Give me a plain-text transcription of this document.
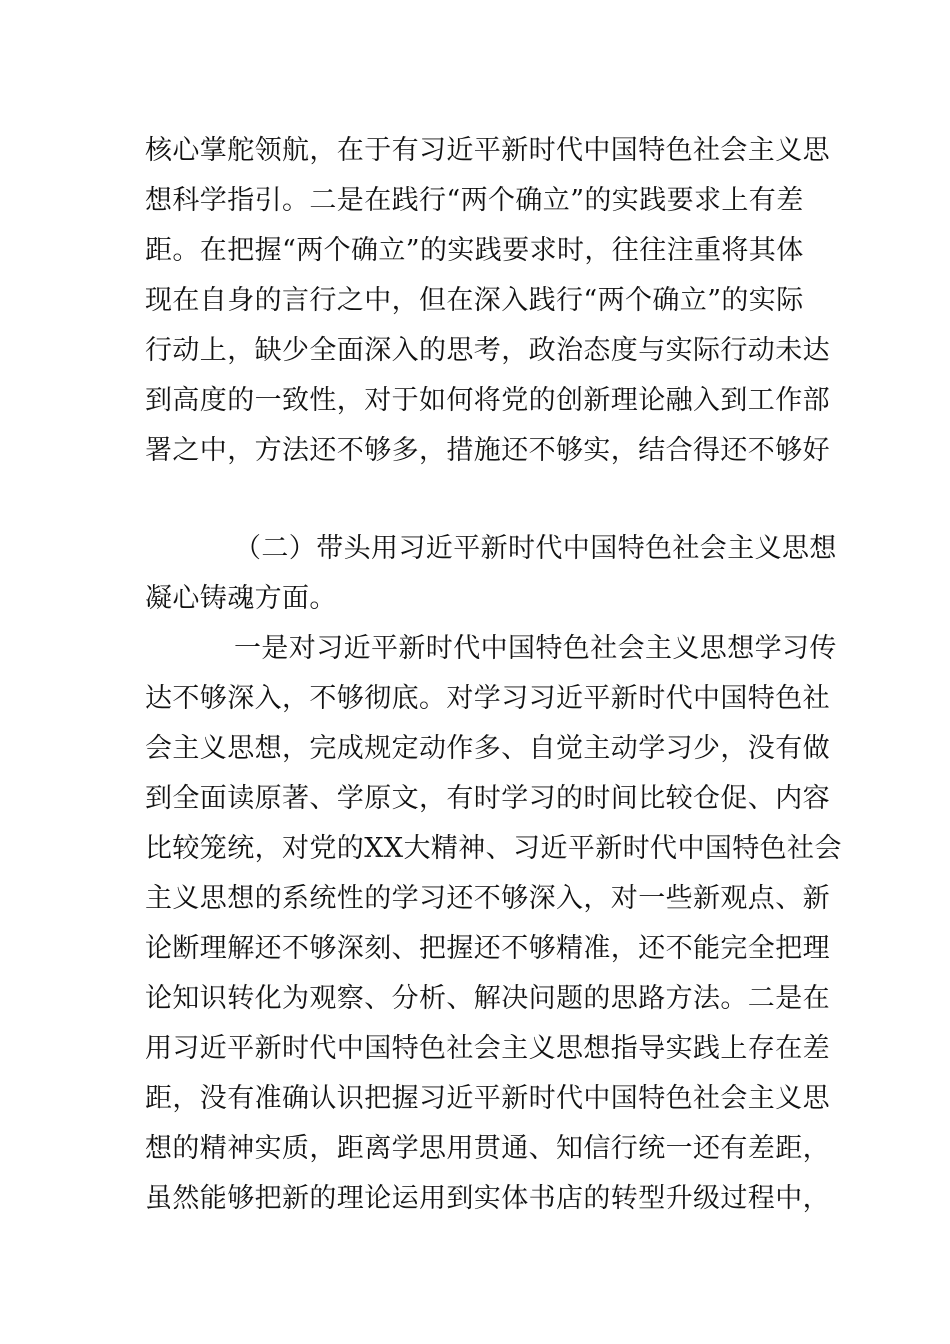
核心掌舵领航，在于有习近平新时代中国特色社会主义思
想科学指引。二是在践行“两个确立”的实践要求上有差
距。在把握“两个确立”的实践要求时，往往注重将其体
现在自身的言行之中，但在深入践行“两个确立”的实际
行动上，缺少全面深入的思考，政治态度与实际行动未达
到高度的一致性，对于如何将党的创新理论融入到工作部
署之中，方法还不够多，措施还不够实，结合得还不够好
（二）带头用习近平新时代中国特色社会主义思想
凝心铸魂方面。
一是对习近平新时代中国特色社会主义思想学习传
达不够深入，不够彻底。对学习习近平新时代中国特色社
会主义思想，完成规定动作多、自觉主动学习少，没有做
到全面读原著、学原文，有时学习的时间比较仓促、内容
比较笼统，对党的XX大精神、习近平新时代中国特色社会
主义思想的系统性的学习还不够深入，对一些新观点、新
论断理解还不够深刻、把握还不够精准，还不能完全把理
论知识转化为观察、分析、解决问题的思路方法。二是在
用习近平新时代中国特色社会主义思想指导实践上存在差
距，没有准确认识把握习近平新时代中国特色社会主义思
想的精神实质，距离学思用贯通、知信行统一还有差距，
虽然能够把新的理论运用到实体书店的转型升级过程中，
